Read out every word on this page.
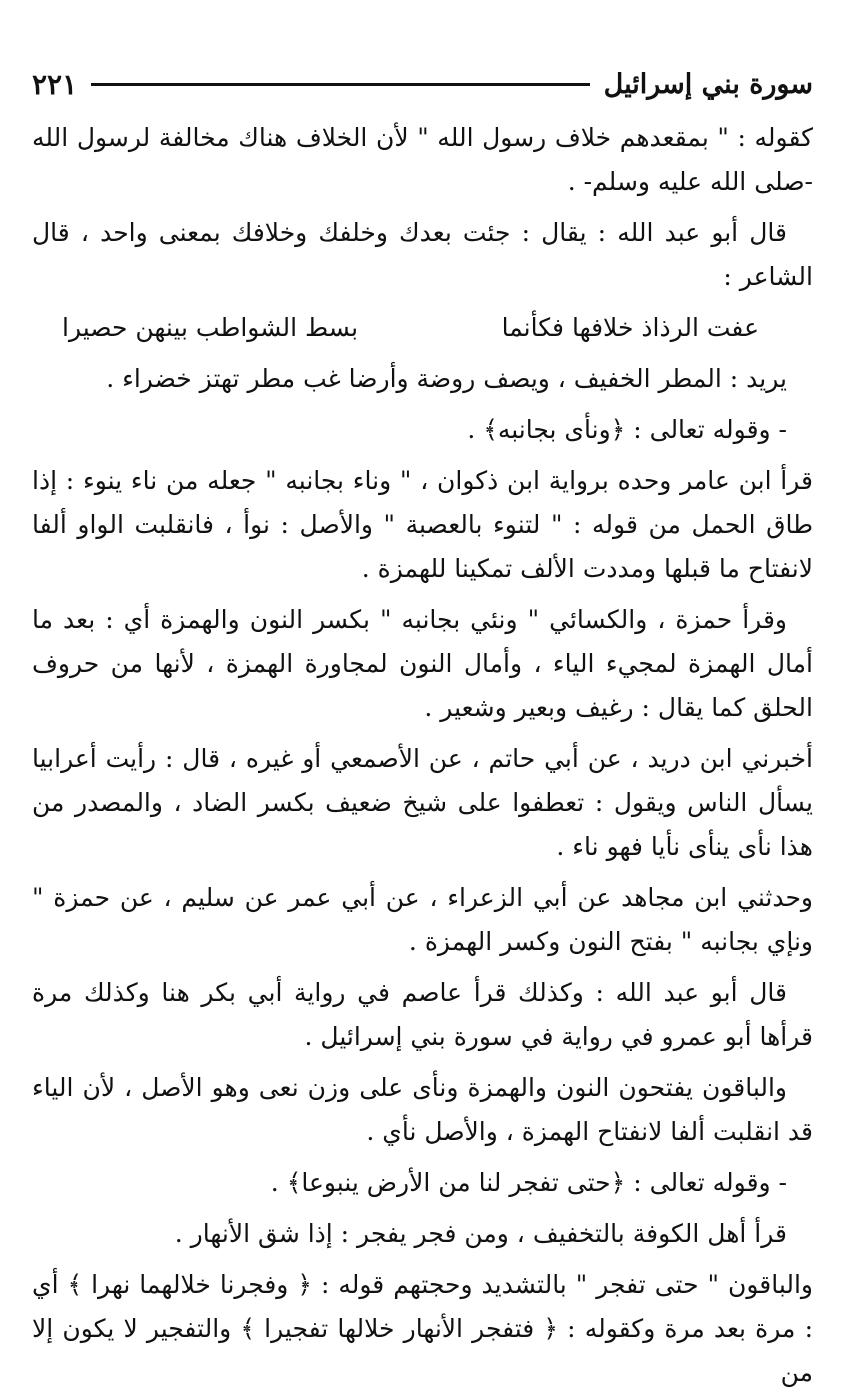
سورة بني إسرائيل
٢٢١

كقوله : " بمقعدهم خلاف رسول الله " لأن الخلاف هناك مخالفة لرسول الله -صلى الله عليه وسلم- .

قال أبو عبد الله : يقال : جئت بعدك وخلفك وخلافك بمعنى واحد ، قال الشاعر :

عفت الرذاذ خلافها فكأنما
بسط الشواطب بينهن حصيرا

يريد : المطر الخفيف ، ويصف روضة وأرضا غب مطر تهتز خضراء .

- وقوله تعالى : ﴿ونأى بجانبه﴾ .

قرأ ابن عامر وحده برواية ابن ذكوان ، " وناء بجانبه " جعله من ناء ينوء : إذا طاق الحمل من قوله : " لتنوء بالعصبة " والأصل : نوأ ، فانقلبت الواو ألفا لانفتاح ما قبلها ومددت الألف تمكينا للهمزة .

وقرأ حمزة ، والكسائي " ونئي بجانبه " بكسر النون والهمزة أي : بعد ما أمال الهمزة لمجيء الياء ، وأمال النون لمجاورة الهمزة ، لأنها من حروف الحلق كما يقال : رغيف وبعير وشعير .

أخبرني ابن دريد ، عن أبي حاتم ، عن الأصمعي أو غيره ، قال : رأيت أعرابيا يسأل الناس ويقول : تعطفوا على شيخ ضعيف بكسر الضاد ، والمصدر من هذا نأى ينأى نأيا فهو ناء .

وحدثني ابن مجاهد عن أبي الزعراء ، عن أبي عمر عن سليم ، عن حمزة " ونإي بجانبه " بفتح النون وكسر الهمزة .

قال أبو عبد الله : وكذلك قرأ عاصم في رواية أبي بكر هنا وكذلك مرة قرأها أبو عمرو في رواية في سورة بني إسرائيل .

والباقون يفتحون النون والهمزة ونأى على وزن نعى وهو الأصل ، لأن الياء قد انقلبت ألفا لانفتاح الهمزة ، والأصل نأي .

- وقوله تعالى : ﴿حتى تفجر لنا من الأرض ينبوعا﴾ .

قرأ أهل الكوفة بالتخفيف ، ومن فجر يفجر : إذا شق الأنهار .

والباقون " حتى تفجر " بالتشديد وحجتهم قوله : ﴿ وفجرنا خلالهما نهرا ﴾ أي : مرة بعد مرة وكقوله : ﴿ فتفجر الأنهار خلالها تفجيرا ﴾ والتفجير لا يكون إلا من
